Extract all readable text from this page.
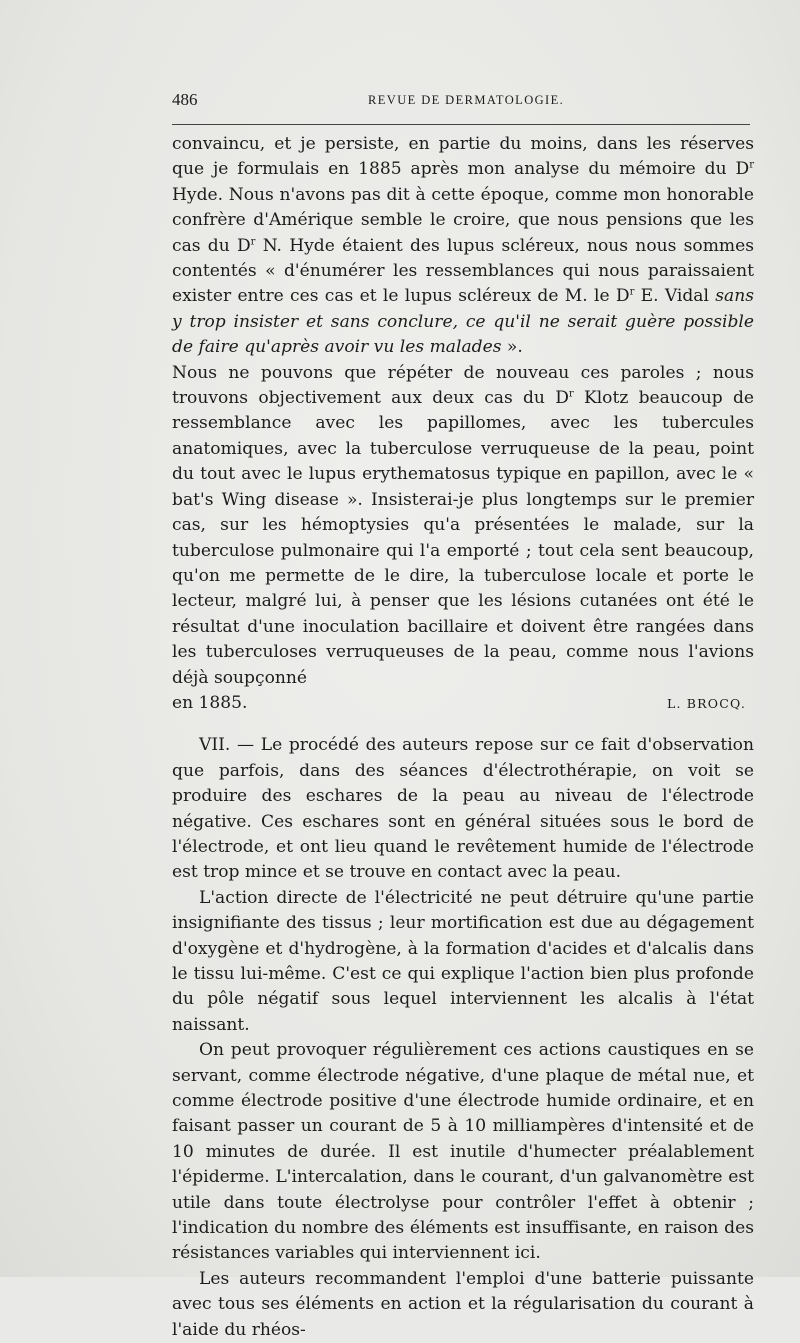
486	REVUE DE DERMATOLOGIE.

convaincu, et je persiste, en partie du moins, dans les réserves que je formulais en 1885 après mon analyse du mémoire du $D^r$ Hyde. Nous n'avons pas dit à cette époque, comme mon honorable confrère d'Amérique semble le croire, que nous pensions que les cas du $D^r$ N. Hyde étaient des lupus scléreux, nous nous sommes contentés « d'énumérer les ressemblances qui nous paraissaient exister entre ces cas et le lupus scléreux de M. le $D^r$ E. Vidal sans y trop insister et sans conclure, ce qu'il ne serait guère possible de faire qu'après avoir vu les malades ».

Nous ne pouvons que répéter de nouveau ces paroles ; nous trouvons objectivement aux deux cas du $D^r$ Klotz beaucoup de ressemblance avec les papillomes, avec les tubercules anatomiques, avec la tuberculose verruqueuse de la peau, point du tout avec le lupus erythematosus typique en papillon, avec le « bat's Wing disease ». Insisterai-je plus longtemps sur le premier cas, sur les hémoptysies qu'a présentées le malade, sur la tuberculose pulmonaire qui l'a emporté ; tout cela sent beaucoup, qu'on me permette de le dire, la tuberculose locale et porte le lecteur, malgré lui, à penser que les lésions cutanées ont été le résultat d'une inoculation bacillaire et doivent être rangées dans les tuberculoses verruqueuses de la peau, comme nous l'avions déjà soupçonné

en 1885.	L. BROCQ.

VII. — Le procédé des auteurs repose sur ce fait d'observation que parfois, dans des séances d'électrothérapie, on voit se produire des eschares de la peau au niveau de l'électrode négative. Ces eschares sont en général situées sous le bord de l'électrode, et ont lieu quand le revêtement humide de l'électrode est trop mince et se trouve en contact avec la peau.

L'action directe de l'électricité ne peut détruire qu'une partie insignifiante des tissus ; leur mortification est due au dégagement d'oxygène et d'hydrogène, à la formation d'acides et d'alcalis dans le tissu lui-même. C'est ce qui explique l'action bien plus profonde du pôle négatif sous lequel interviennent les alcalis à l'état naissant.

On peut provoquer régulièrement ces actions caustiques en se servant, comme électrode négative, d'une plaque de métal nue, et comme électrode positive d'une électrode humide ordinaire, et en faisant passer un courant de 5 à 10 milliampères d'intensité et de 10 minutes de durée. Il est inutile d'humecter préalablement l'épiderme. L'intercalation, dans le courant, d'un galvanomètre est utile dans toute électrolyse pour contrôler l'effet à obtenir ; l'indication du nombre des éléments est insuffisante, en raison des résistances variables qui interviennent ici.

Les auteurs recommandent l'emploi d'une batterie puissante avec tous ses éléments en action et la régularisation du courant à l'aide du rhéos-
